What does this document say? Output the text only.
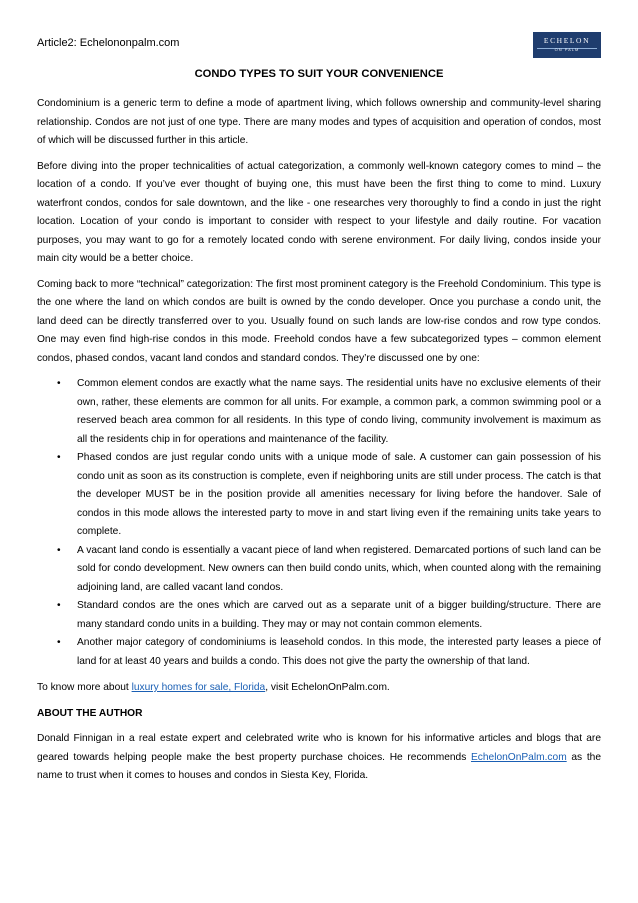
Article2: Echelononpalm.com	ECHELON
ON PALM
CONDO TYPES TO SUIT YOUR CONVENIENCE

Condominium is a generic term to define a mode of apartment living, which follows ownership and community-level sharing relationship. Condos are not just of one type. There are many modes and types of acquisition and operation of condos, most of which will be discussed further in this article.

Before diving into the proper technicalities of actual categorization, a commonly well-known category comes to mind – the location of a condo. If you’ve ever thought of buying one, this must have been the first thing to come to mind. Luxury waterfront condos, condos for sale downtown, and the like - one researches very thoroughly to find a condo in just the right location. Location of your condo is important to consider with respect to your lifestyle and daily routine. For vacation purposes, you may want to go for a remotely located condo with serene environment. For daily living, condos inside your main city would be a better choice.

Coming back to more “technical” categorization: The first most prominent category is the Freehold Condominium. This type is the one where the land on which condos are built is owned by the condo developer. Once you purchase a condo unit, the land deed can be directly transferred over to you. Usually found on such lands are low-rise condos and row type condos. One may even find high-rise condos in this mode. Freehold condos have a few subcategorized types – common element condos, phased condos, vacant land condos and standard condos. They’re discussed one by one:

• Common element condos are exactly what the name says. The residential units have no exclusive elements of their own, rather, these elements are common for all units. For example, a common park, a common swimming pool or a reserved beach area common for all residents. In this type of condo living, community involvement is maximum as all the residents chip in for operations and maintenance of the facility.
• Phased condos are just regular condo units with a unique mode of sale. A customer can gain possession of his condo unit as soon as its construction is complete, even if neighboring units are still under process. The catch is that the developer MUST be in the position provide all amenities necessary for living before the handover. Sale of condos in this mode allows the interested party to move in and start living even if the remaining units take years to complete.
• A vacant land condo is essentially a vacant piece of land when registered. Demarcated portions of such land can be sold for condo development. New owners can then build condo units, which, when counted along with the remaining adjoining land, are called vacant land condos.
• Standard condos are the ones which are carved out as a separate unit of a bigger building/structure. There are many standard condo units in a building. They may or may not contain common elements.
• Another major category of condominiums is leasehold condos. In this mode, the interested party leases a piece of land for at least 40 years and builds a condo. This does not give the party the ownership of that land.

To know more about luxury homes for sale, Florida, visit EchelonOnPalm.com.

ABOUT THE AUTHOR

Donald Finnigan in a real estate expert and celebrated write who is known for his informative articles and blogs that are geared towards helping people make the best property purchase choices. He recommends EchelonOnPalm.com as the name to trust when it comes to houses and condos in Siesta Key, Florida.
